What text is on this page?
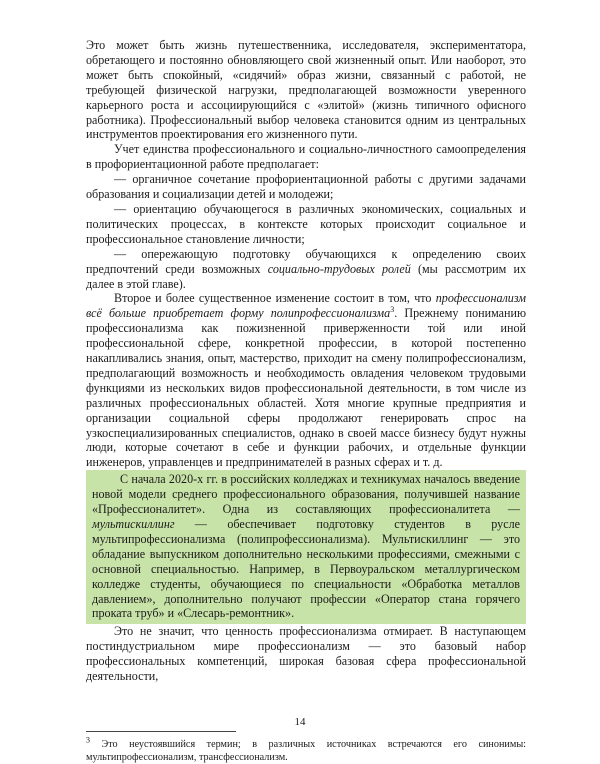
Это может быть жизнь путешественника, исследователя, экспериментатора, обретающего и постоянно обновляющего свой жизненный опыт. Или наоборот, это может быть спокойный, «сидячий» образ жизни, связанный с работой, не требующей физической нагрузки, предполагающей возможности уверенного карьерного роста и ассоциирующийся с «элитой» (жизнь типичного офисного работника). Профессиональный выбор человека становится одним из центральных инструментов проектирования его жизненного пути.

Учет единства профессионального и социально-личностного самоопределения в профориентационной работе предполагает:

— органичное сочетание профориентационной работы с другими задачами образования и социализации детей и молодежи;

— ориентацию обучающегося в различных экономических, социальных и политических процессах, в контексте которых происходит социальное и профессиональное становление личности;

— опережающую подготовку обучающихся к определению своих предпочтений среди возможных социально-трудовых ролей (мы рассмотрим их далее в этой главе).

Второе и более существенное изменение состоит в том, что профессионализм всё больше приобретает форму полипрофессионализма$^3$. Прежнему пониманию профессионализма как пожизненной приверженности той или иной профессиональной сфере, конкретной профессии, в которой постепенно накапливались знания, опыт, мастерство, приходит на смену полипрофессионализм, предполагающий возможность и необходимость овладения человеком трудовыми функциями из нескольких видов профессиональной деятельности, в том числе из различных профессиональных областей. Хотя многие крупные предприятия и организации социальной сферы продолжают генерировать спрос на узкоспециализированных специалистов, однако в своей массе бизнесу будут нужны люди, которые сочетают в себе и функции рабочих, и отдельные функции инженеров, управленцев и предпринимателей в разных сферах и т. д.

С начала 2020-х гг. в российских колледжах и техникумах началось введение новой модели среднего профессионального образования, получившей название «Профессионалитет». Одна из составляющих профессионалитета — мультискиллинг — обеспечивает подготовку студентов в русле мультипрофессионализма (полипрофессионализма). Мультискиллинг — это обладание выпускником дополнительно несколькими профессиями, смежными с основной специальностью. Например, в Первоуральском металлургическом колледже студенты, обучающиеся по специальности «Обработка металлов давлением», дополнительно получают профессии «Оператор стана горячего проката труб» и «Слесарь-ремонтник».

Это не значит, что ценность профессионализма отмирает. В наступающем постиндустриальном мире профессионализм — это базовый набор профессиональных компетенций, широкая базовая сфера профессиональной деятельности,

$^3$ Это неустоявшийся термин; в различных источниках встречаются его синонимы: мультипрофессионализм, трансфессионализм.

14
